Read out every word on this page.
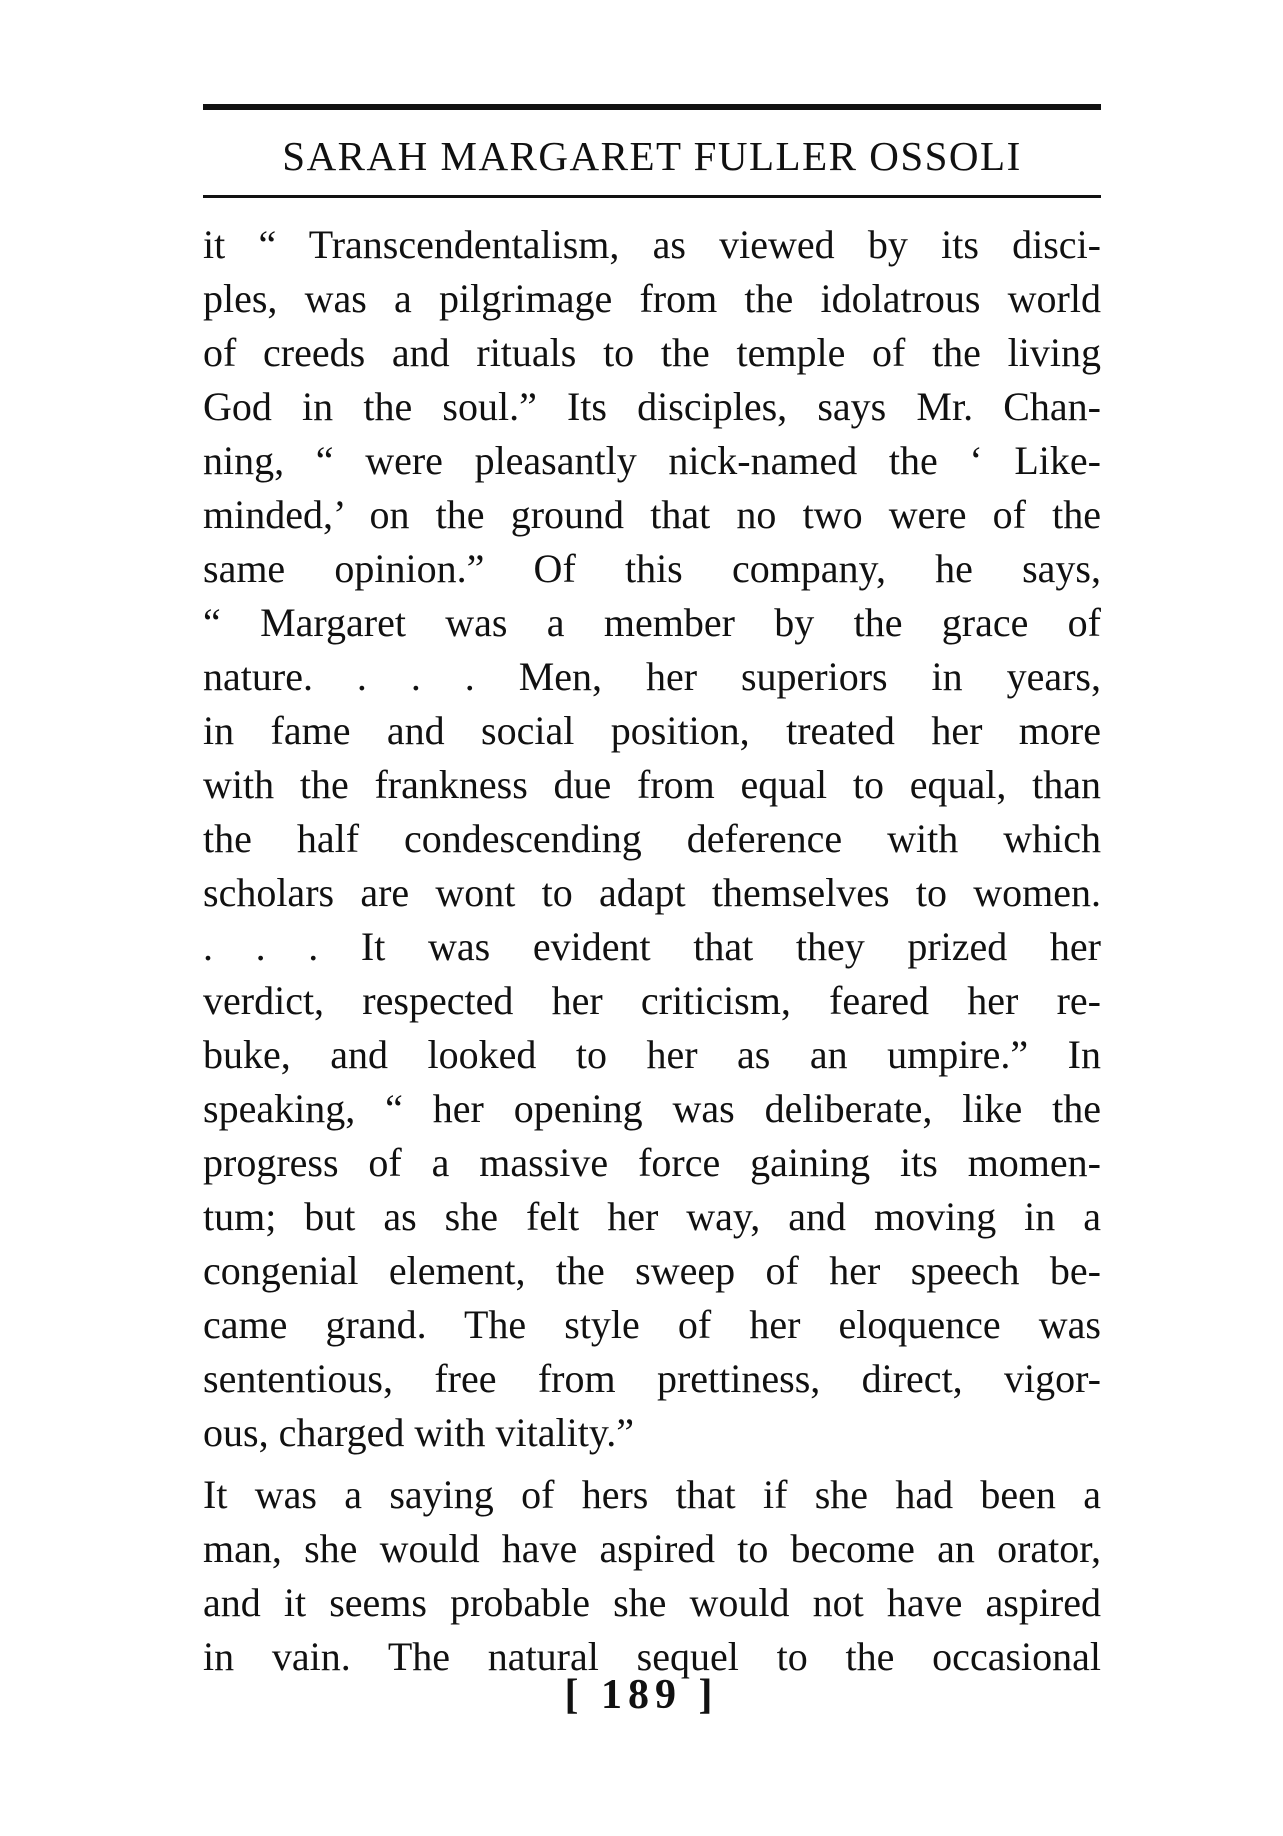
SARAH MARGARET FULLER OSSOLI

it “ Transcendentalism, as viewed by its disci-
ples, was a pilgrimage from the idolatrous world
of creeds and rituals to the temple of the living
God in the soul.” Its disciples, says Mr. Chan-
ning, “ were pleasantly nick-named the ‘ Like-
minded,’ on the ground that no two were of the
same opinion.” Of this company, he says,
“ Margaret was a member by the grace of
nature. . . . Men, her superiors in years,
in fame and social position, treated her more
with the frankness due from equal to equal, than
the half condescending deference with which
scholars are wont to adapt themselves to women.
. . . It was evident that they prized her
verdict, respected her criticism, feared her re-
buke, and looked to her as an umpire.” In
speaking, “ her opening was deliberate, like the
progress of a massive force gaining its momen-
tum; but as she felt her way, and moving in a
congenial element, the sweep of her speech be-
came grand. The style of her eloquence was
sententious, free from prettiness, direct, vigor-
ous, charged with vitality.”

It was a saying of hers that if she had been a
man, she would have aspired to become an orator,
and it seems probable she would not have aspired
in vain. The natural sequel to the occasional

[ 189 ]
